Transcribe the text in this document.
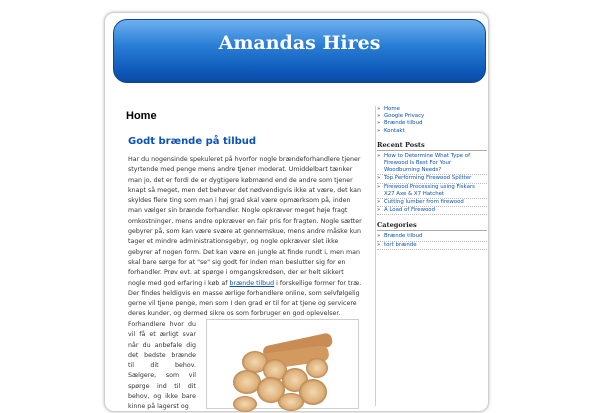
Amandas Hires
Home
Godt brænde på tilbud

Har du nogensinde spekuleret på hvorfor nogle brændeforhandlere tjener styrtende med penge mens andre tjener moderat. Umiddelbart tænker man jo, det er fordi de er dygtigere købmænd end de andre som tjener knapt så meget, men det behøver det nødvendigvis ikke at være, det kan skyldes flere ting som man i høj grad skal være opmærksom på, inden man vælger sin brænde forhandler. Nogle opkræver meget høje fragt omkostninger, mens andre opkræver en fair pris for fragten. Nogle sætter gebyrer på, som kan være svære at gennemskue, mens andre måske kun tager et mindre administrationsgebyr, og nogle opkræver slet ikke gebyrer af nogen form. Det kan være en jungle at finde rundt i, men man skal bare sørge for at "se" sig godt for inden man beslutter sig for en forhandler. Prøv evt. at spørge i omgangskredsen, der er helt sikkert nogle med god erfaring i køb af brænde tilbud i forskellige former for træ. Der findes heldigvis en masse ærlige forhandlere online, som selvfølgelig gerne vil tjene penge, men som I den grad er til for at tjene og servicere deres kunder, og dermed sikre os som forbruger en god oplevelser.

Forhandlere hvor du vil få et ærligt svar når du anbefale dig det bedste brænde til dit behov. Sælgere, som vil spørge ind til dit behov, og ikke bare kinne på lagerst og

» Home
» Google Privacy
» Brænde tilbud
» Kontakt
Recent Posts
» How to Determine What Type of Firewood Is Best For Your Woodburning Needs?
» Top Performing Firewood Splitter
» Firewood Processing using Fiskars X27 Axe & X7 Hatchet
» Cutting lumber from firewood
» A Load of Firewood
Categories
» Brænde tilbud
» tort brænde
